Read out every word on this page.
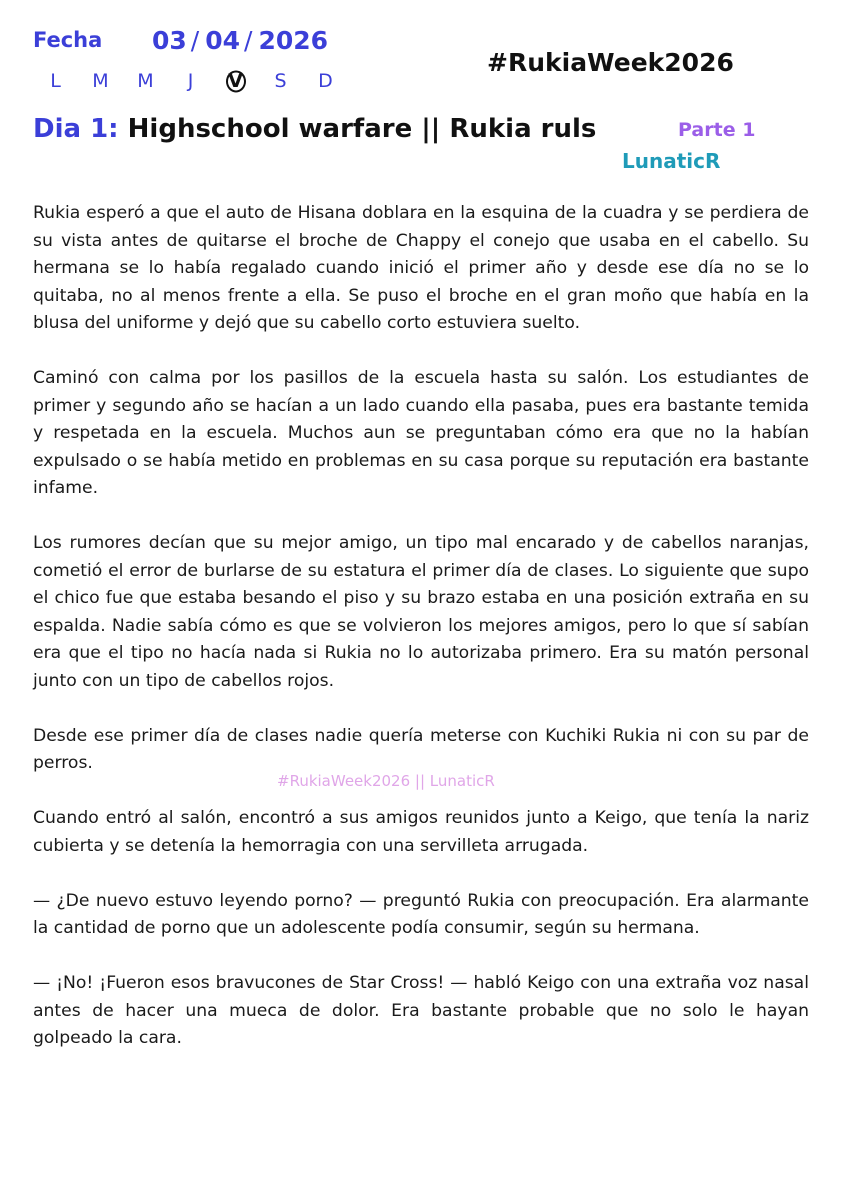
Fecha 03 / 04 / 2026
L	M	M	J	V	S	D
#RukiaWeek2026
Dia 1: Highschool warfare || Rukia ruls	Parte 1
LunaticR

Rukia esperó a que el auto de Hisana doblara en la esquina de la cuadra y se perdiera de su vista antes de quitarse el broche de Chappy el conejo que usaba en el cabello. Su hermana se lo había regalado cuando inició el primer año y desde ese día no se lo quitaba, no al menos frente a ella. Se puso el broche en el gran moño que había en la blusa del uniforme y dejó que su cabello corto estuviera suelto.

Caminó con calma por los pasillos de la escuela hasta su salón. Los estudiantes de primer y segundo año se hacían a un lado cuando ella pasaba, pues era bastante temida y respetada en la escuela. Muchos aun se preguntaban cómo era que no la habían expulsado o se había metido en problemas en su casa porque su reputación era bastante infame.

Los rumores decían que su mejor amigo, un tipo mal encarado y de cabellos naranjas, cometió el error de burlarse de su estatura el primer día de clases. Lo siguiente que supo el chico fue que estaba besando el piso y su brazo estaba en una posición extraña en su espalda. Nadie sabía cómo es que se volvieron los mejores amigos, pero lo que sí sabían era que el tipo no hacía nada si Rukia no lo autorizaba primero. Era su matón personal junto con un tipo de cabellos rojos.

Desde ese primer día de clases nadie quería meterse con Kuchiki Rukia ni con su par de perros.

Cuando entró al salón, encontró a sus amigos reunidos junto a Keigo, que tenía la nariz cubierta y se detenía la hemorragia con una servilleta arrugada.

— ¿De nuevo estuvo leyendo porno? — preguntó Rukia con preocupación. Era alarmante la cantidad de porno que un adolescente podía consumir, según su hermana.

— ¡No! ¡Fueron esos bravucones de Star Cross! — habló Keigo con una extraña voz nasal antes de hacer una mueca de dolor. Era bastante probable que no solo le hayan golpeado la cara.

#RukiaWeek2026 || LunaticR
